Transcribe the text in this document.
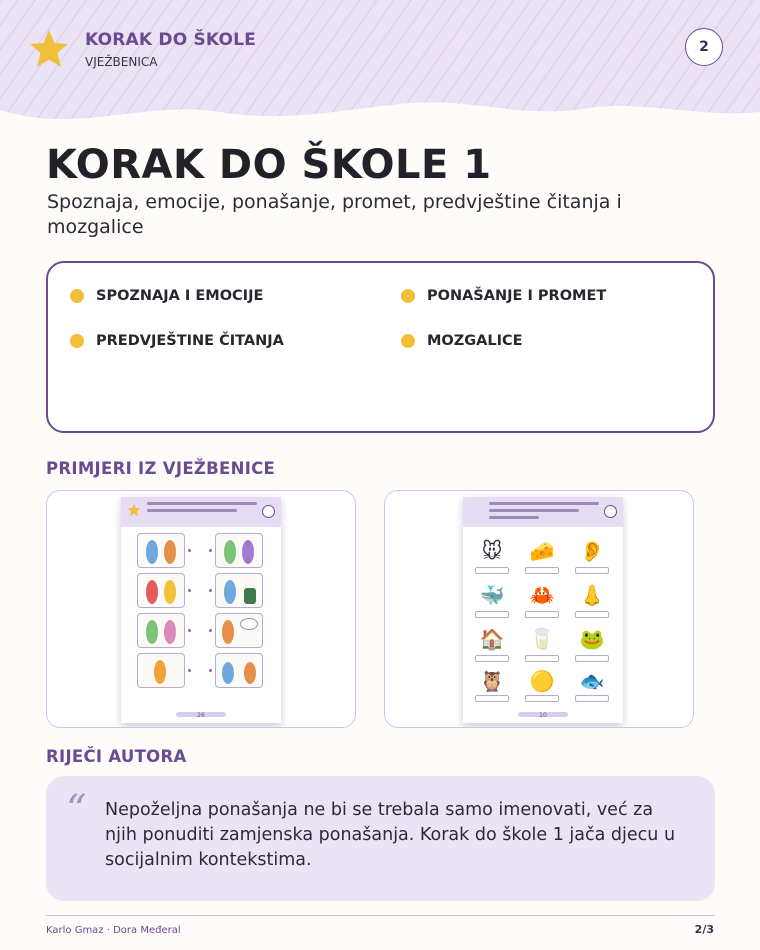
KORAK DO ŠKOLE
VJEŽBENICA
2
KORAK DO ŠKOLE 1
Spoznaja, emocije, ponašanje, promet, predvještine čitanja i mozgalice
SPOZNAJA I EMOCIJE	PONAŠANJE I PROMET
PREDVJEŠTINE ČITANJA	MOZGALICE
PRIMJERI IZ VJEŽBENICE
26
🐭	🧀 👂
🐳 🦀 👃
🏠 🥛 🐸
🦉 🟡 🐟
10
RIJEČI AUTORA
“ Nepoželjna ponašanja ne bi se trebala samo imenovati, već za njih ponuditi zamjenska ponašanja. Korak do škole 1 jača djecu u socijalnim kontekstima.
Karlo Gmaz · Dora Međeral	2/3
